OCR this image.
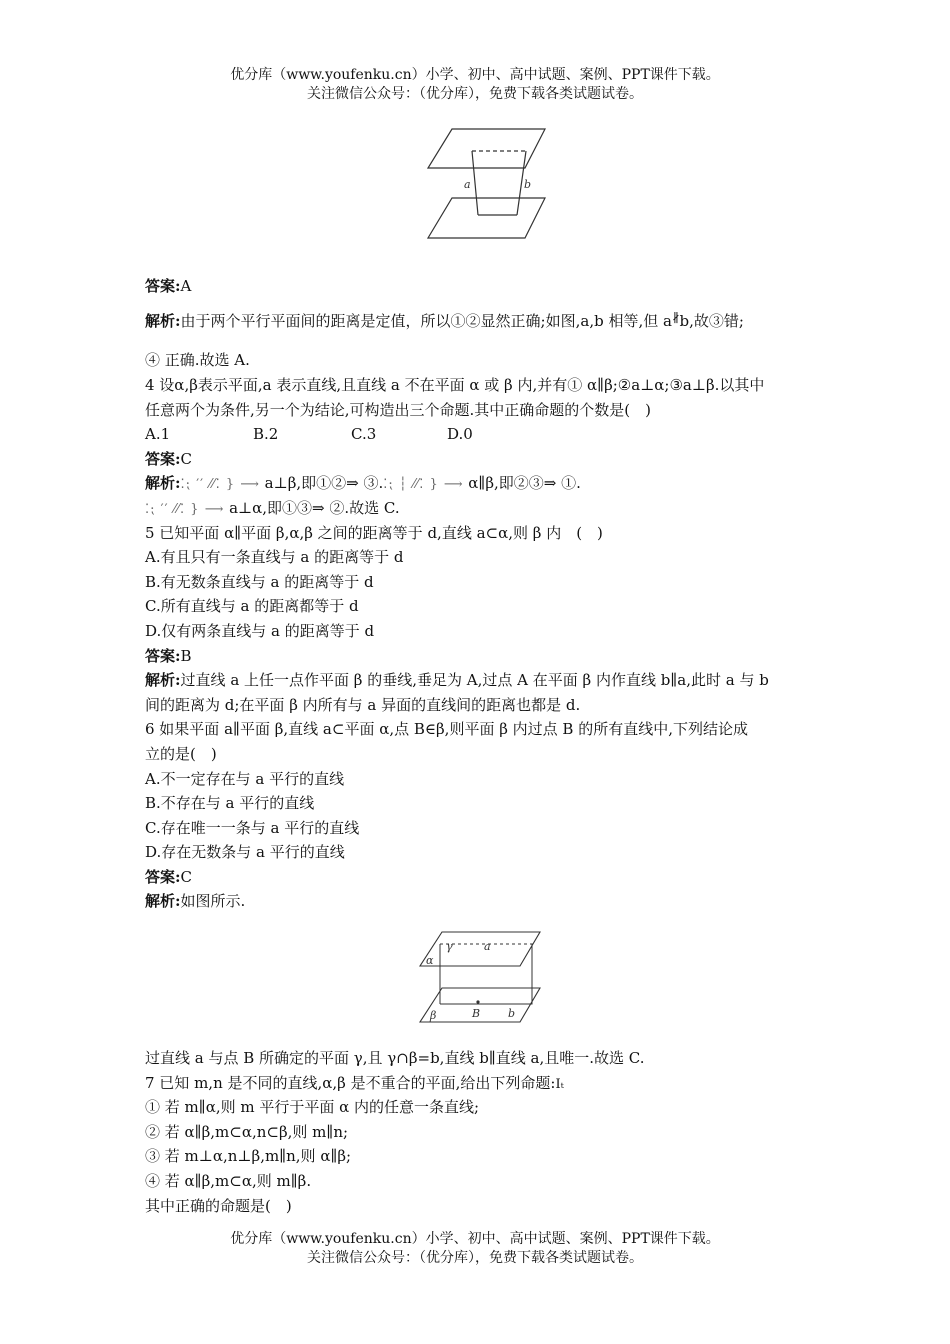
优分库（www.youfenku.cn）小学、初中、高中试题、案例、PPT课件下载。
关注微信公众号：（优分库），免费下载各类试题试卷。
a	b
γ	a
α
B	b
β
答案:A
解析:由于两个平行平面间的距离是定值，所以①②显然正确;如图,a,b 相等,但 a∦b,故③错;
④ 正确.故选 A.
4 设α,β表示平面,a 表示直线,且直线 a 不在平面 α 或 β 内,并有① α∥β;②a⊥α;③a⊥β.以其中
任意两个为条件,另一个为结论,可构造出三个命题.其中正确命题的个数是(　)
A.1	B.2	C.3	D.0
答案:C
解析:⁚⁏ ′′ ⁄⁄⁚ } ⟶ a⊥β,即①②⇒ ③.⁚⁏ ┆ ⁄⁄⁚ } ⟶ α∥β,即②③⇒ ①.
⁚⁏ ′′ ⁄⁄⁚ } ⟶ a⊥α,即①③⇒ ②.故选 C.
5 已知平面 α∥平面 β,α,β 之间的距离等于 d,直线 a⊂α,则 β 内　(　)
A.有且只有一条直线与 a 的距离等于 d
B.有无数条直线与 a 的距离等于 d
C.所有直线与 a 的距离都等于 d
D.仅有两条直线与 a 的距离等于 d
答案:B
解析:过直线 a 上任一点作平面 β 的垂线,垂足为 A,过点 A 在平面 β 内作直线 b∥a,此时 a 与 b
间的距离为 d;在平面 β 内所有与 a 异面的直线间的距离也都是 d.
6 如果平面 a∥平面 β,直线 a⊂平面 α,点 B∈β,则平面 β 内过点 B 的所有直线中,下列结论成
立的是(　)
A.不一定存在与 a 平行的直线
B.不存在与 a 平行的直线
C.存在唯一一条与 a 平行的直线
D.存在无数条与 a 平行的直线
答案:C
解析:如图所示.
过直线 a 与点 B 所确定的平面 γ,且 γ∩β=b,直线 b∥直线 a,且唯一.故选 C.
7 已知 m,n 是不同的直线,α,β 是不重合的平面,给出下列命题:Iₜ
① 若 m∥α,则 m 平行于平面 α 内的任意一条直线;
② 若 α∥β,m⊂α,n⊂β,则 m∥n;
③ 若 m⊥α,n⊥β,m∥n,则 α∥β;
④ 若 α∥β,m⊂α,则 m∥β.
其中正确的命题是(　)
优分库（www.youfenku.cn）小学、初中、高中试题、案例、PPT课件下载。
关注微信公众号：（优分库），免费下载各类试题试卷。
